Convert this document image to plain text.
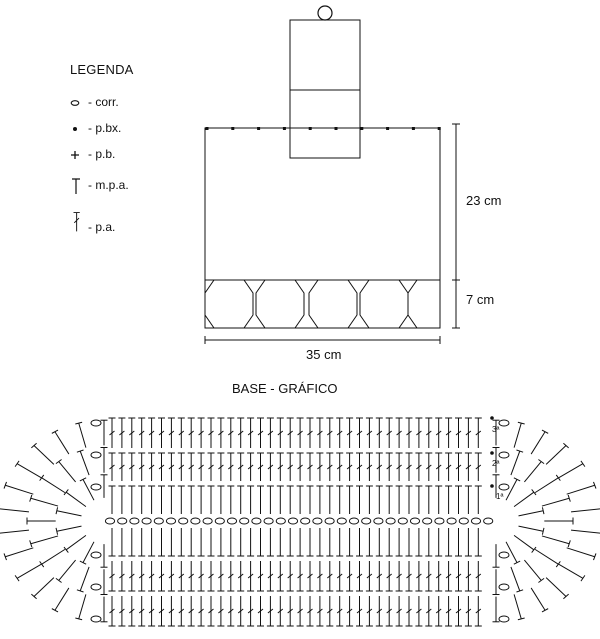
LEGENDA
- corr.
- p.bx.
- p.b.
- m.p.a.
- p.a.
23 cm
7 cm
35 cm
BASE - GRÁFICO
3ª
2ª
1ª
